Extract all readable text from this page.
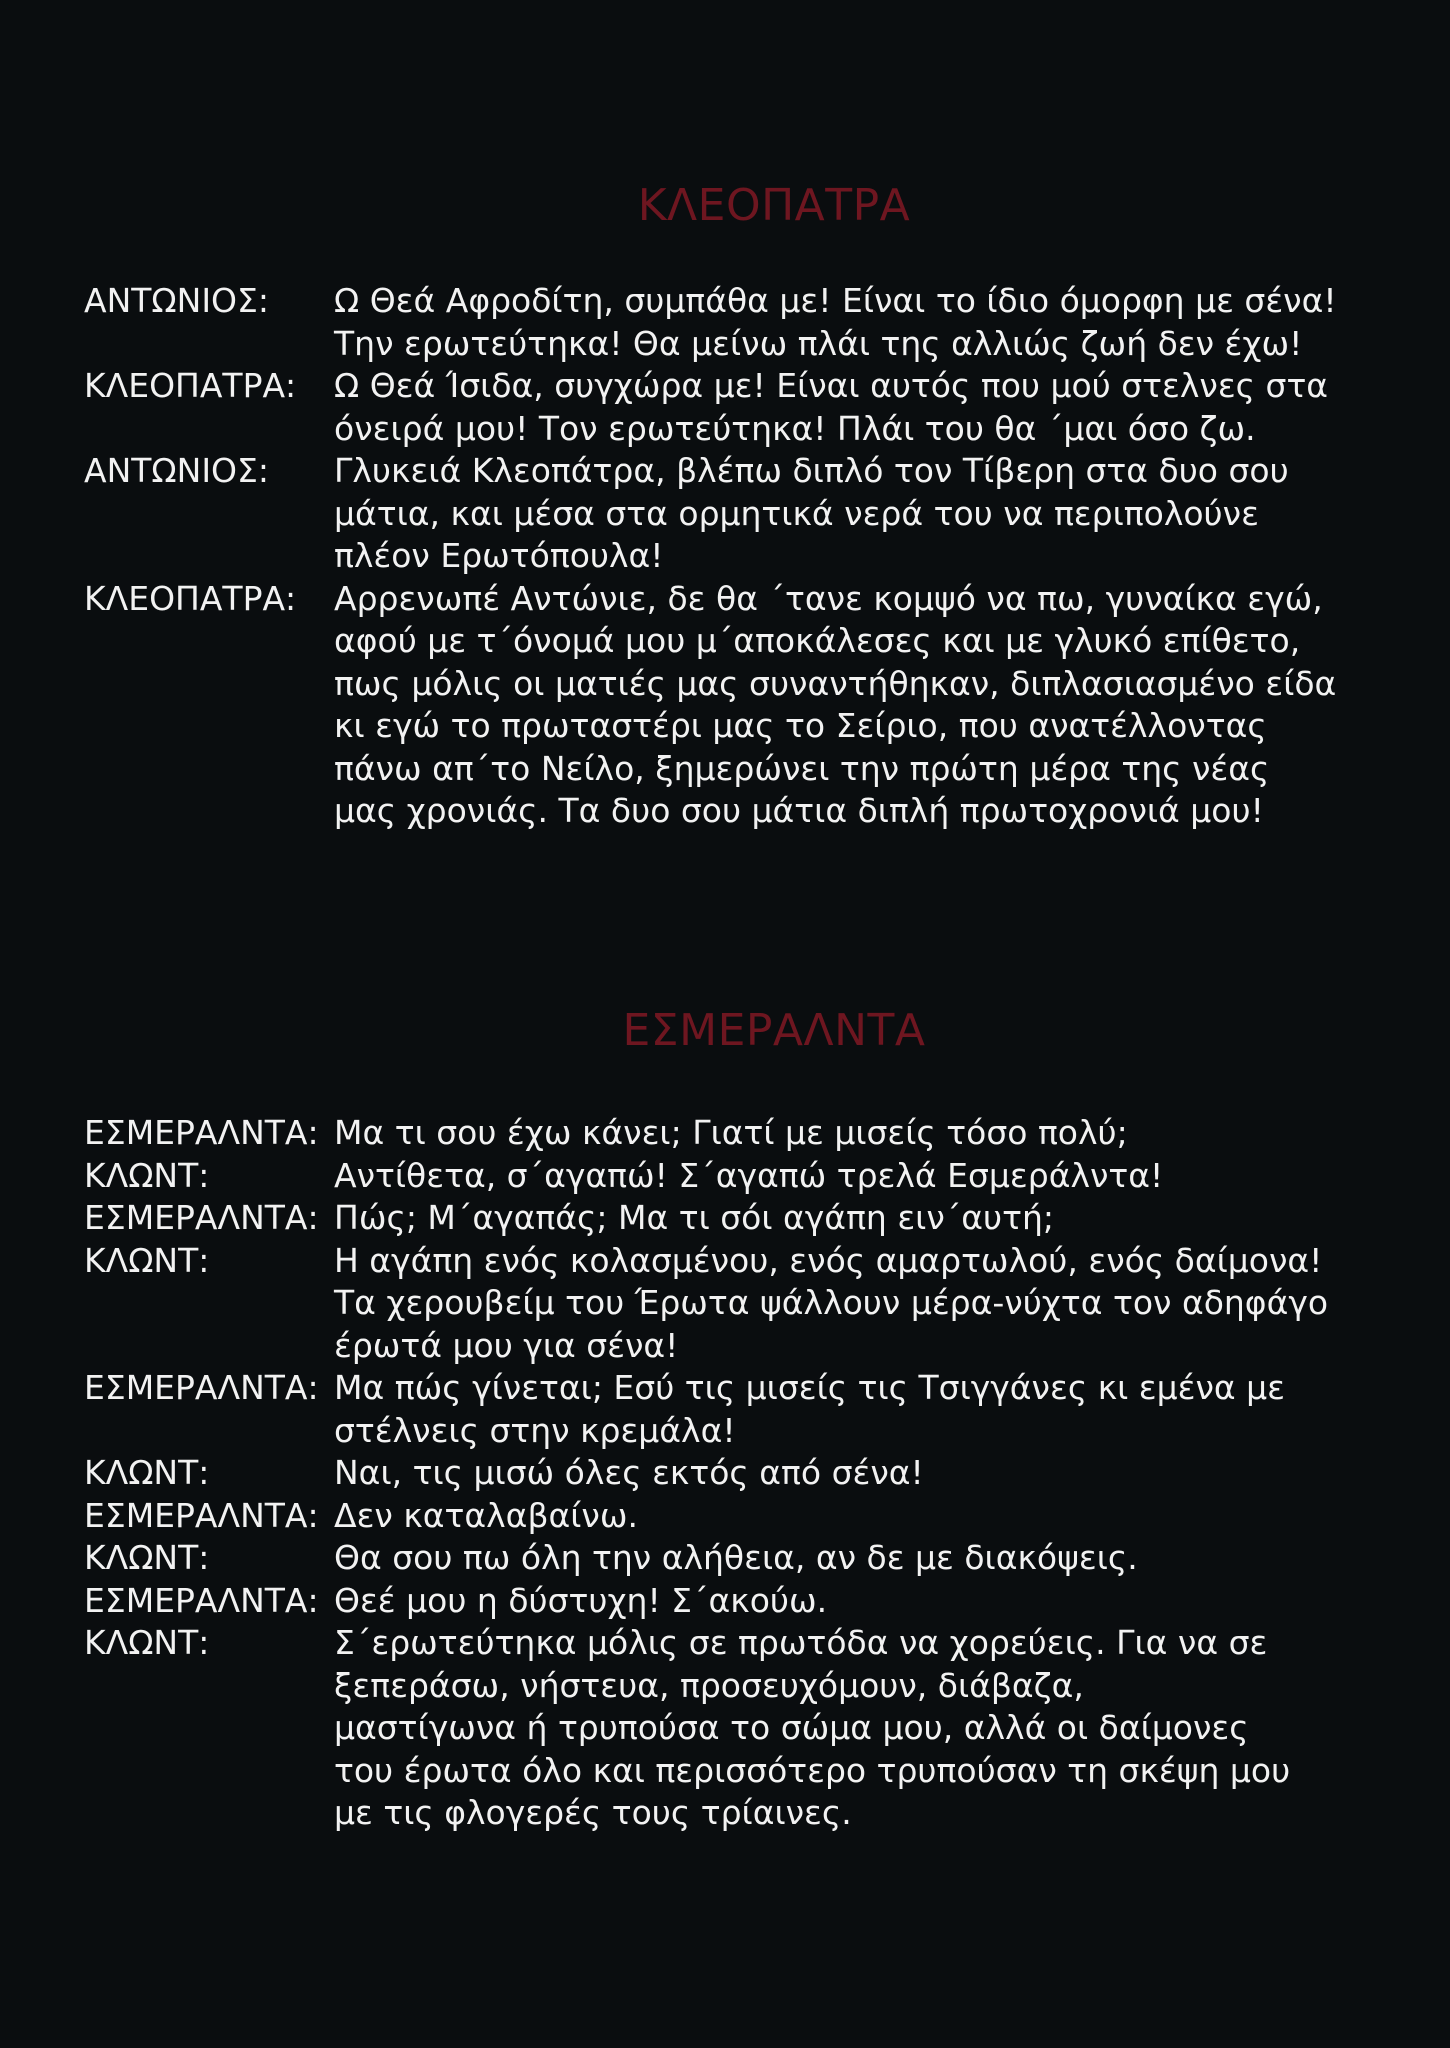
ΚΛΕΟΠΑΤΡΑ
ΑΝΤΩΝΙΟΣ:	Ω Θεά Αφροδίτη, συμπάθα με! Είναι το ίδιο όμορφη με σένα!
Την ερωτεύτηκα! Θα μείνω πλάι της αλλιώς ζωή δεν έχω!
ΚΛΕΟΠΑΤΡΑ:	Ω Θεά Ίσιδα, συγχώρα με! Είναι αυτός που μού στελνες στα
όνειρά μου! Τον ερωτεύτηκα! Πλάι του θα ΄μαι όσο ζω.
ΑΝΤΩΝΙΟΣ:	Γλυκειά Κλεοπάτρα, βλέπω διπλό τον Τίβερη στα δυο σου
μάτια, και μέσα στα ορμητικά νερά του να περιπολούνε
πλέον Ερωτόπουλα!
ΚΛΕΟΠΑΤΡΑ:	Αρρενωπέ Αντώνιε, δε θα ΄τανε κομψό να πω, γυναίκα εγώ,
αφού με τ΄όνομά μου μ΄αποκάλεσες και με γλυκό επίθετο,
πως μόλις οι ματιές μας συναντήθηκαν, διπλασιασμένο είδα
κι εγώ το πρωταστέρι μας το Σείριο, που ανατέλλοντας
πάνω απ΄το Νείλο, ξημερώνει την πρώτη μέρα της νέας
μας χρονιάς. Τα δυο σου μάτια διπλή πρωτοχρονιά μου!
ΕΣΜΕΡΑΛΝΤΑ
ΕΣΜΕΡΑΛΝΤΑ: Μα τι σου έχω κάνει; Γιατί με μισείς τόσο πολύ;
ΚΛΩΝΤ:	Αντίθετα, σ΄αγαπώ! Σ΄αγαπώ τρελά Εσμεράλντα!
ΕΣΜΕΡΑΛΝΤΑ: Πώς; Μ΄αγαπάς; Μα τι σόι αγάπη ειν΄αυτή;
ΚΛΩΝΤ:	Η αγάπη ενός κολασμένου, ενός αμαρτωλού, ενός δαίμονα!
Τα χερουβείμ του Έρωτα ψάλλουν μέρα-νύχτα τον αδηφάγο
έρωτά μου για σένα!
ΕΣΜΕΡΑΛΝΤΑ: Μα πώς γίνεται; Εσύ τις μισείς τις Τσιγγάνες κι εμένα με
στέλνεις στην κρεμάλα!
ΚΛΩΝΤ:	Ναι, τις μισώ όλες εκτός από σένα!
ΕΣΜΕΡΑΛΝΤΑ: Δεν καταλαβαίνω.
ΚΛΩΝΤ:	Θα σου πω όλη την αλήθεια, αν δε με διακόψεις.
ΕΣΜΕΡΑΛΝΤΑ: Θεέ μου η δύστυχη! Σ΄ακούω.
ΚΛΩΝΤ:	Σ΄ερωτεύτηκα μόλις σε πρωτόδα να χορεύεις. Για να σε
ξεπεράσω, νήστευα, προσευχόμουν, διάβαζα,
μαστίγωνα ή τρυπούσα το σώμα μου, αλλά οι δαίμονες
του έρωτα όλο και περισσότερο τρυπούσαν τη σκέψη μου
με τις φλογερές τους τρίαινες.
